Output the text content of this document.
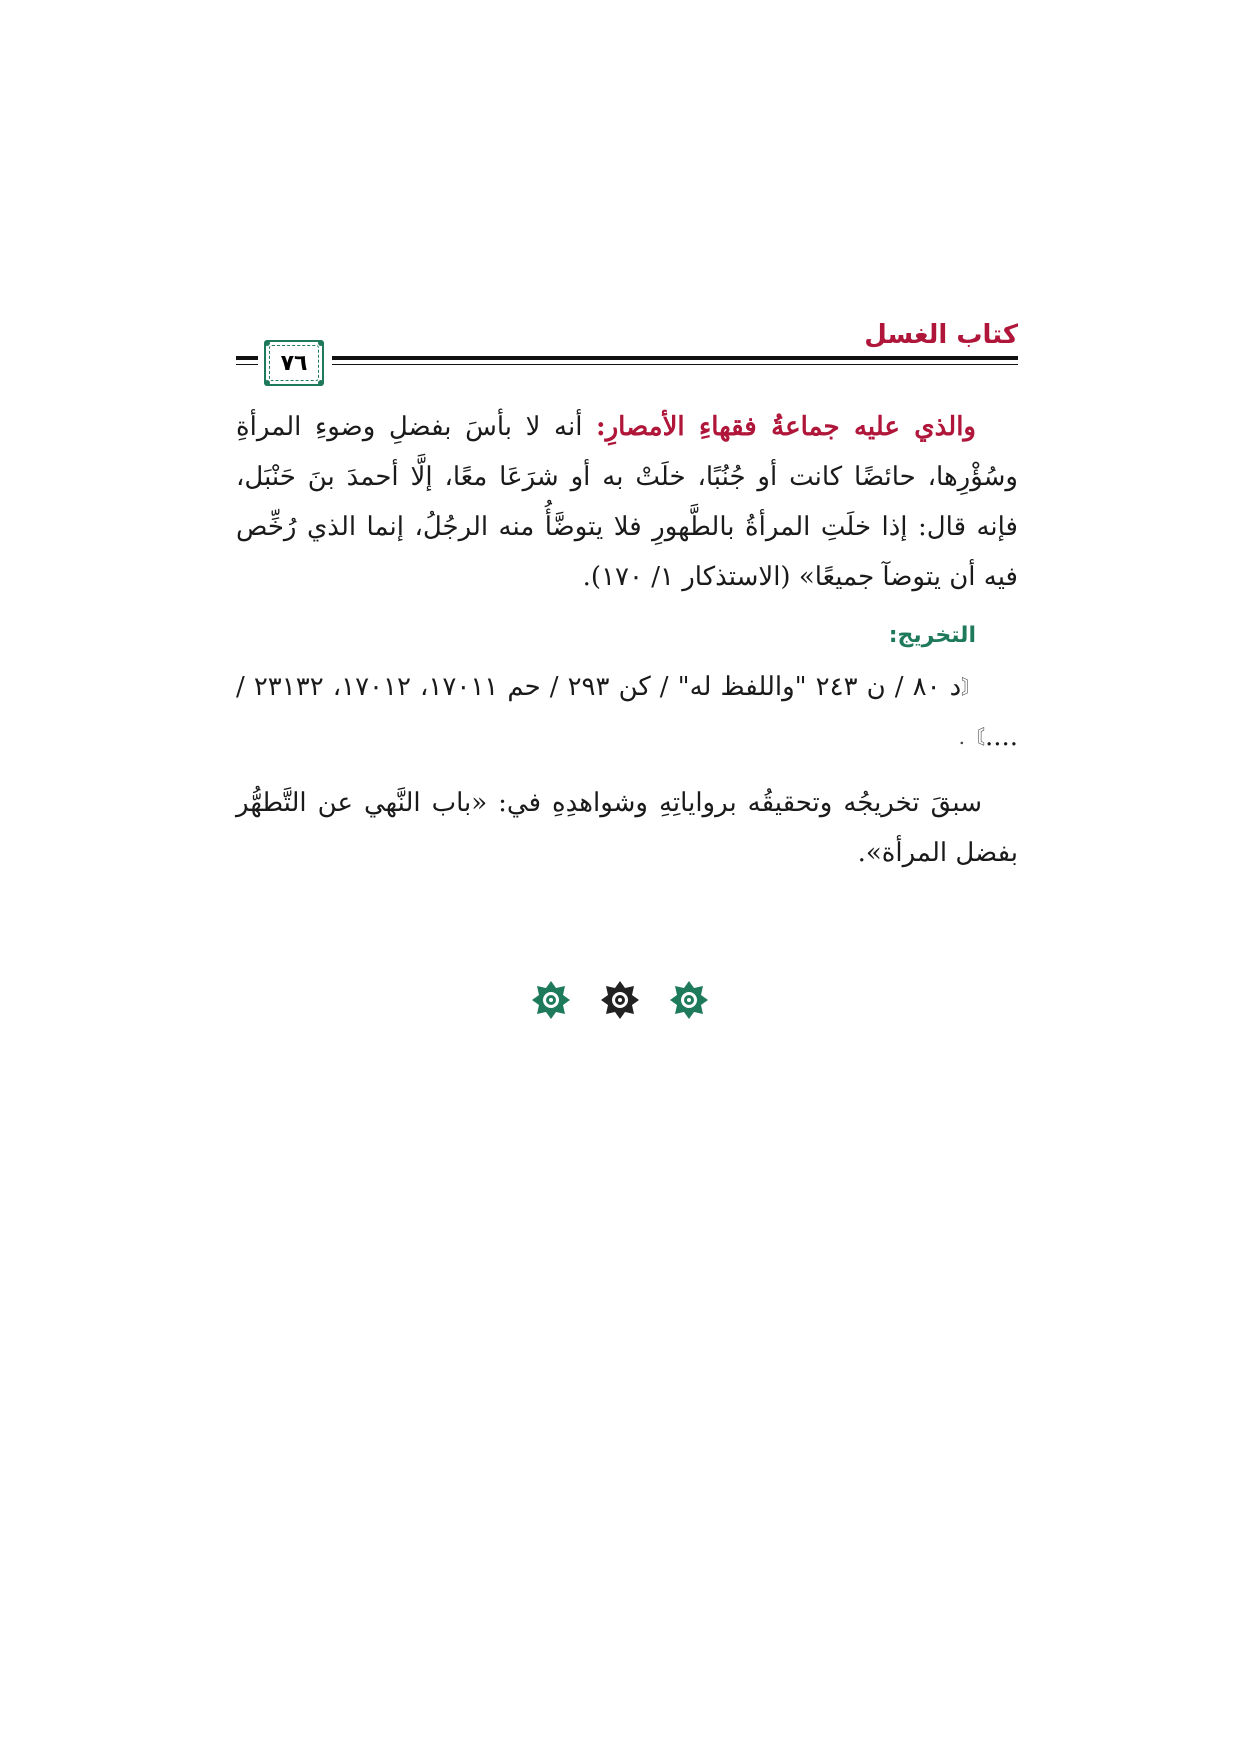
كتاب الغسل
٧٦

والذي عليه جماعةُ فقهاءِ الأمصارِ: أنه لا بأسَ بفضلِ وضوءِ المرأةِ وسُؤْرِها، حائضًا كانت أو جُنُبًا، خلَتْ به أو شرَعَا معًا، إلَّا أحمدَ بنَ حَنْبَل، فإنه قال: إذا خلَتِ المرأةُ بالطَّهورِ فلا يتوضَّأُ منه الرجُلُ، إنما الذي رُخِّص فيه أن يتوضآ جميعًا» (الاستذكار ١/ ١٧٠).

التخريج:

〘د ٨٠ / ن ٢٤٣ "واللفظ له" / كن ٢٩٣ / حم ١٧٠١١، ١٧٠١٢، ٢٣١٣٢ / ....〙.

سبقَ تخريجُه وتحقيقُه برواياتِهِ وشواهدِهِ في: «باب النَّهي عن التَّطهُّر بفضل المرأة».
